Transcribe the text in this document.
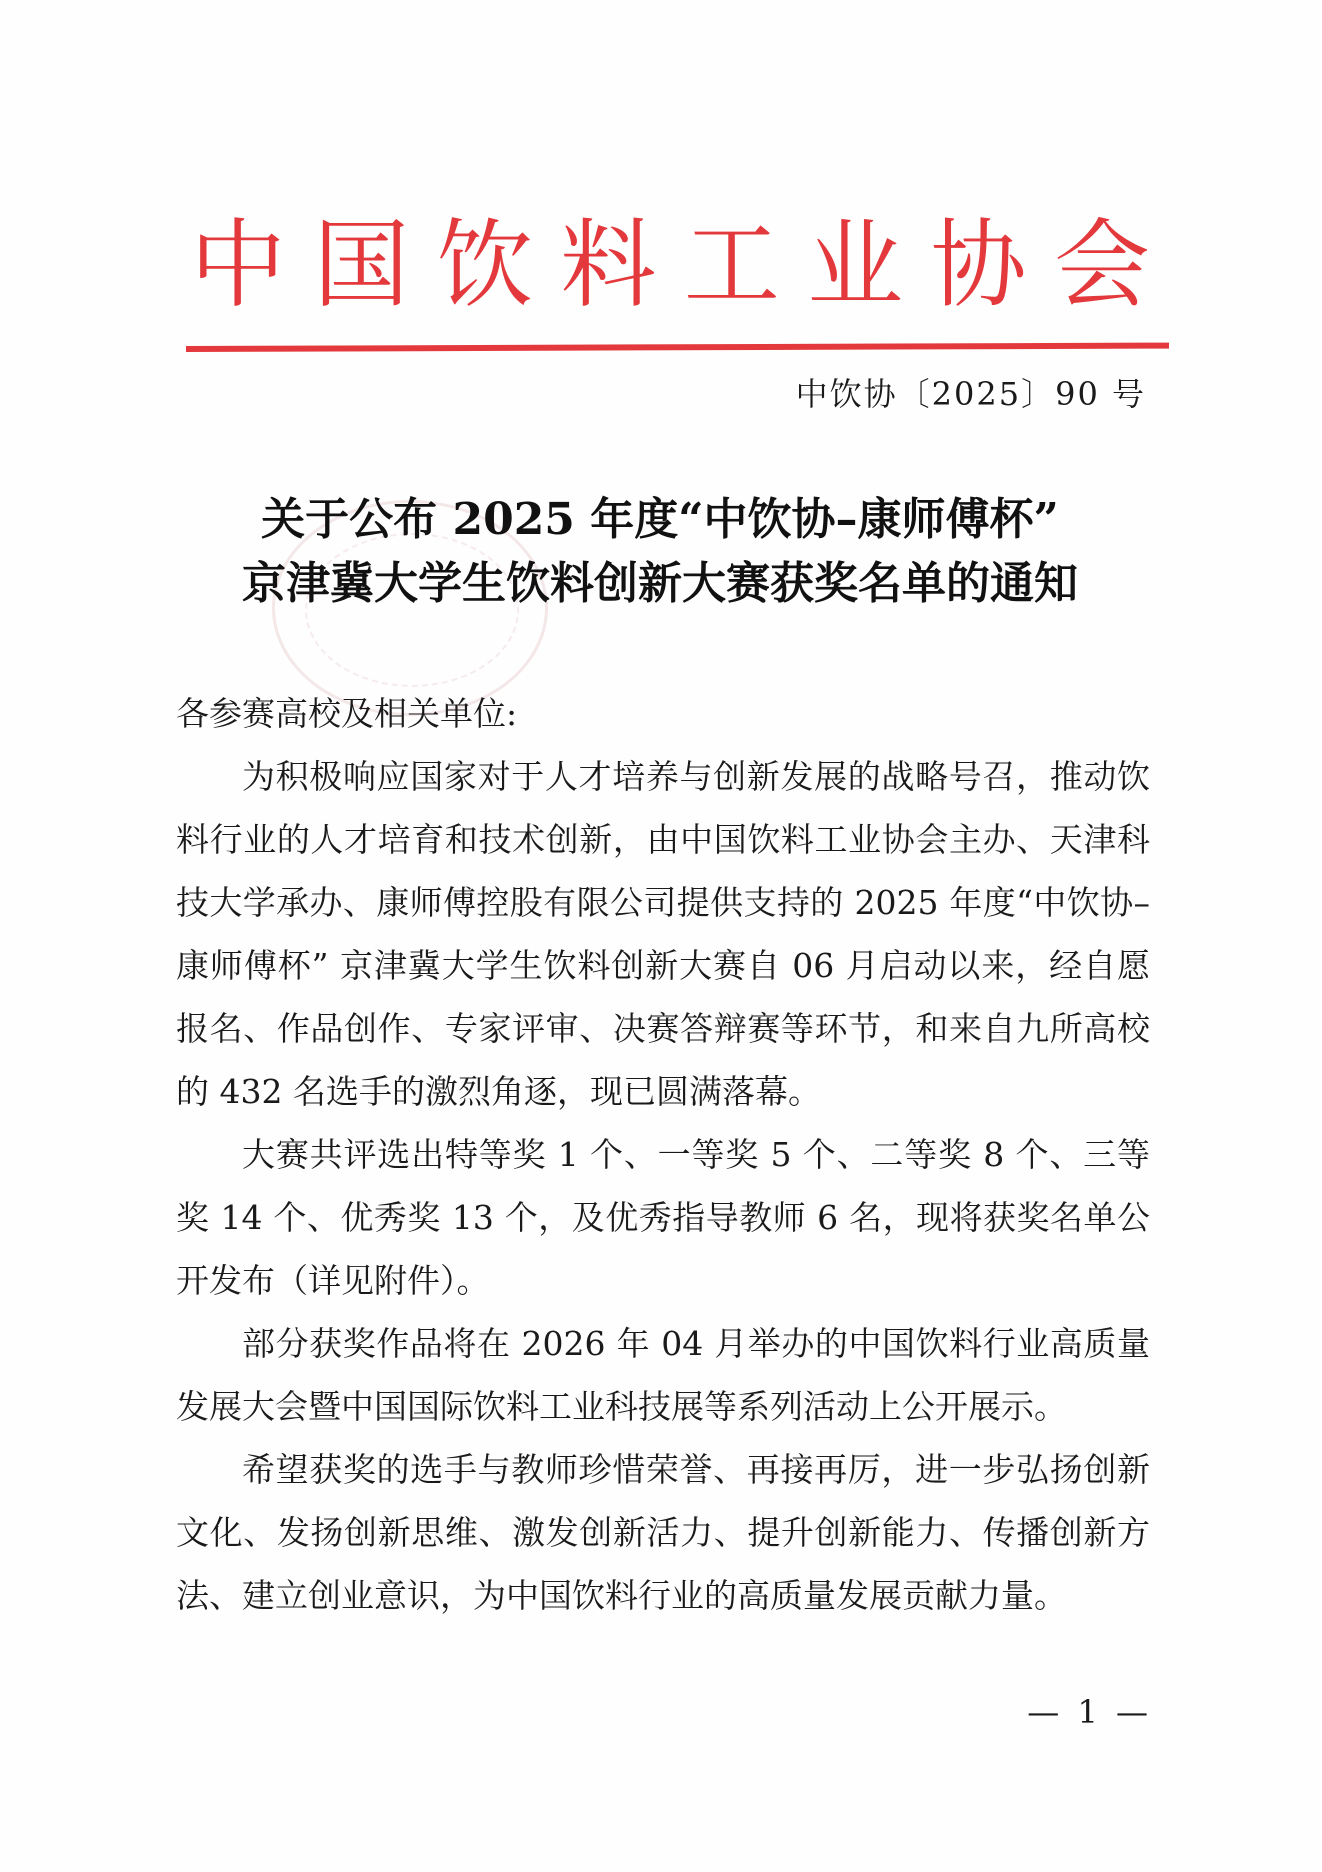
中 国 饮 料 工 业 协 会
中饮协〔2025〕90 号
关于公布 2025 年度“中饮协–康师傅杯”
京津冀大学生饮料创新大赛获奖名单的通知

各参赛高校及相关单位:

为积极响应国家对于人才培养与创新发展的战略号召，推动饮料行业的人才培育和技术创新，由中国饮料工业协会主办、天津科技大学承办、康师傅控股有限公司提供支持的 2025 年度“中饮协–康师傅杯” 京津冀大学生饮料创新大赛自 06 月启动以来，经自愿报名、作品创作、专家评审、决赛答辩赛等环节，和来自九所高校的 432 名选手的激烈角逐，现已圆满落幕。

大赛共评选出特等奖 1 个、一等奖 5 个、二等奖 8 个、三等奖 14 个、优秀奖 13 个，及优秀指导教师 6 名，现将获奖名单公开发布（详见附件）。

部分获奖作品将在 2026 年 04 月举办的中国饮料行业高质量发展大会暨中国国际饮料工业科技展等系列活动上公开展示。

希望获奖的选手与教师珍惜荣誉、再接再厉，进一步弘扬创新文化、发扬创新思维、激发创新活力、提升创新能力、传播创新方法、建立创业意识，为中国饮料行业的高质量发展贡献力量。

— 1 —
